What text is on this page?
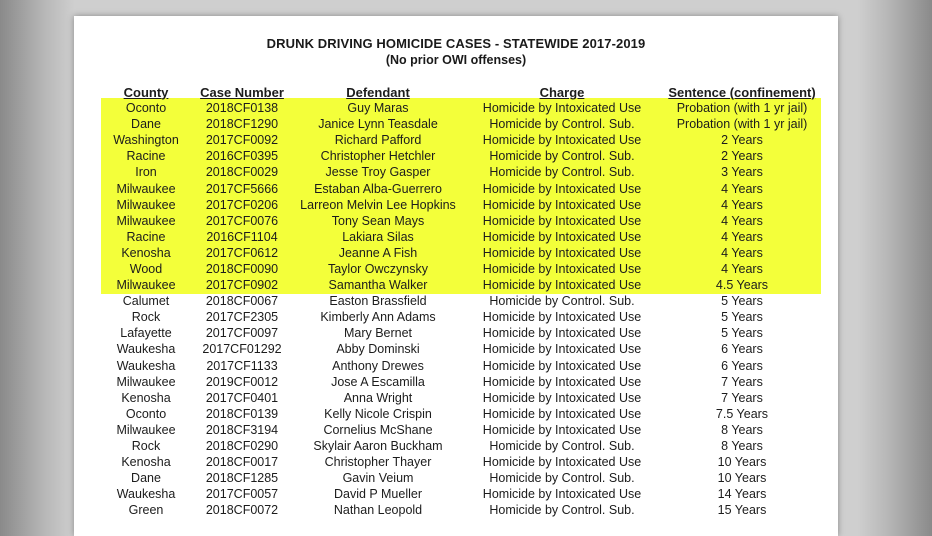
DRUNK DRIVING HOMICIDE CASES - STATEWIDE 2017-2019
(No prior OWI offenses)
County	Case Number	Defendant	Charge	Sentence (confinement)
Oconto	2018CF0138	Guy Maras	Homicide by Intoxicated Use	Probation (with 1 yr jail)
Dane	2018CF1290	Janice Lynn Teasdale	Homicide by Control. Sub.	Probation (with 1 yr jail)
Washington	2017CF0092	Richard Pafford	Homicide by Intoxicated Use	2 Years
Racine	2016CF0395	Christopher Hetchler	Homicide by Control. Sub.	2 Years
Iron	2018CF0029	Jesse Troy Gasper	Homicide by Control. Sub.	3 Years
Milwaukee	2017CF5666	Estaban Alba-Guerrero	Homicide by Intoxicated Use	4 Years
Milwaukee	2017CF0206	Larreon Melvin Lee Hopkins	Homicide by Intoxicated Use	4 Years
Milwaukee	2017CF0076	Tony Sean Mays	Homicide by Intoxicated Use	4 Years
Racine	2016CF1104	Lakiara Silas	Homicide by Intoxicated Use	4 Years
Kenosha	2017CF0612	Jeanne A Fish	Homicide by Intoxicated Use	4 Years
Wood	2018CF0090	Taylor Owczynsky	Homicide by Intoxicated Use	4 Years
Milwaukee	2017CF0902	Samantha Walker	Homicide by Intoxicated Use	4.5 Years
Calumet	2018CF0067	Easton Brassfield	Homicide by Control. Sub.	5 Years
Rock	2017CF2305	Kimberly Ann Adams	Homicide by Intoxicated Use	5 Years
Lafayette	2017CF0097	Mary Bernet	Homicide by Intoxicated Use	5 Years
Waukesha	2017CF01292	Abby Dominski	Homicide by Intoxicated Use	6 Years
Waukesha	2017CF1133	Anthony Drewes	Homicide by Intoxicated Use	6 Years
Milwaukee	2019CF0012	Jose A Escamilla	Homicide by Intoxicated Use	7 Years
Kenosha	2017CF0401	Anna Wright	Homicide by Intoxicated Use	7 Years
Oconto	2018CF0139	Kelly Nicole Crispin	Homicide by Intoxicated Use	7.5 Years
Milwaukee	2018CF3194	Cornelius McShane	Homicide by Intoxicated Use	8 Years
Rock	2018CF0290	Skylair Aaron Buckham	Homicide by Control. Sub.	8 Years
Kenosha	2018CF0017	Christopher Thayer	Homicide by Intoxicated Use	10 Years
Dane	2018CF1285	Gavin Veium	Homicide by Control. Sub.	10 Years
Waukesha	2017CF0057	David P Mueller	Homicide by Intoxicated Use	14 Years
Green	2018CF0072	Nathan Leopold	Homicide by Control. Sub.	15 Years
